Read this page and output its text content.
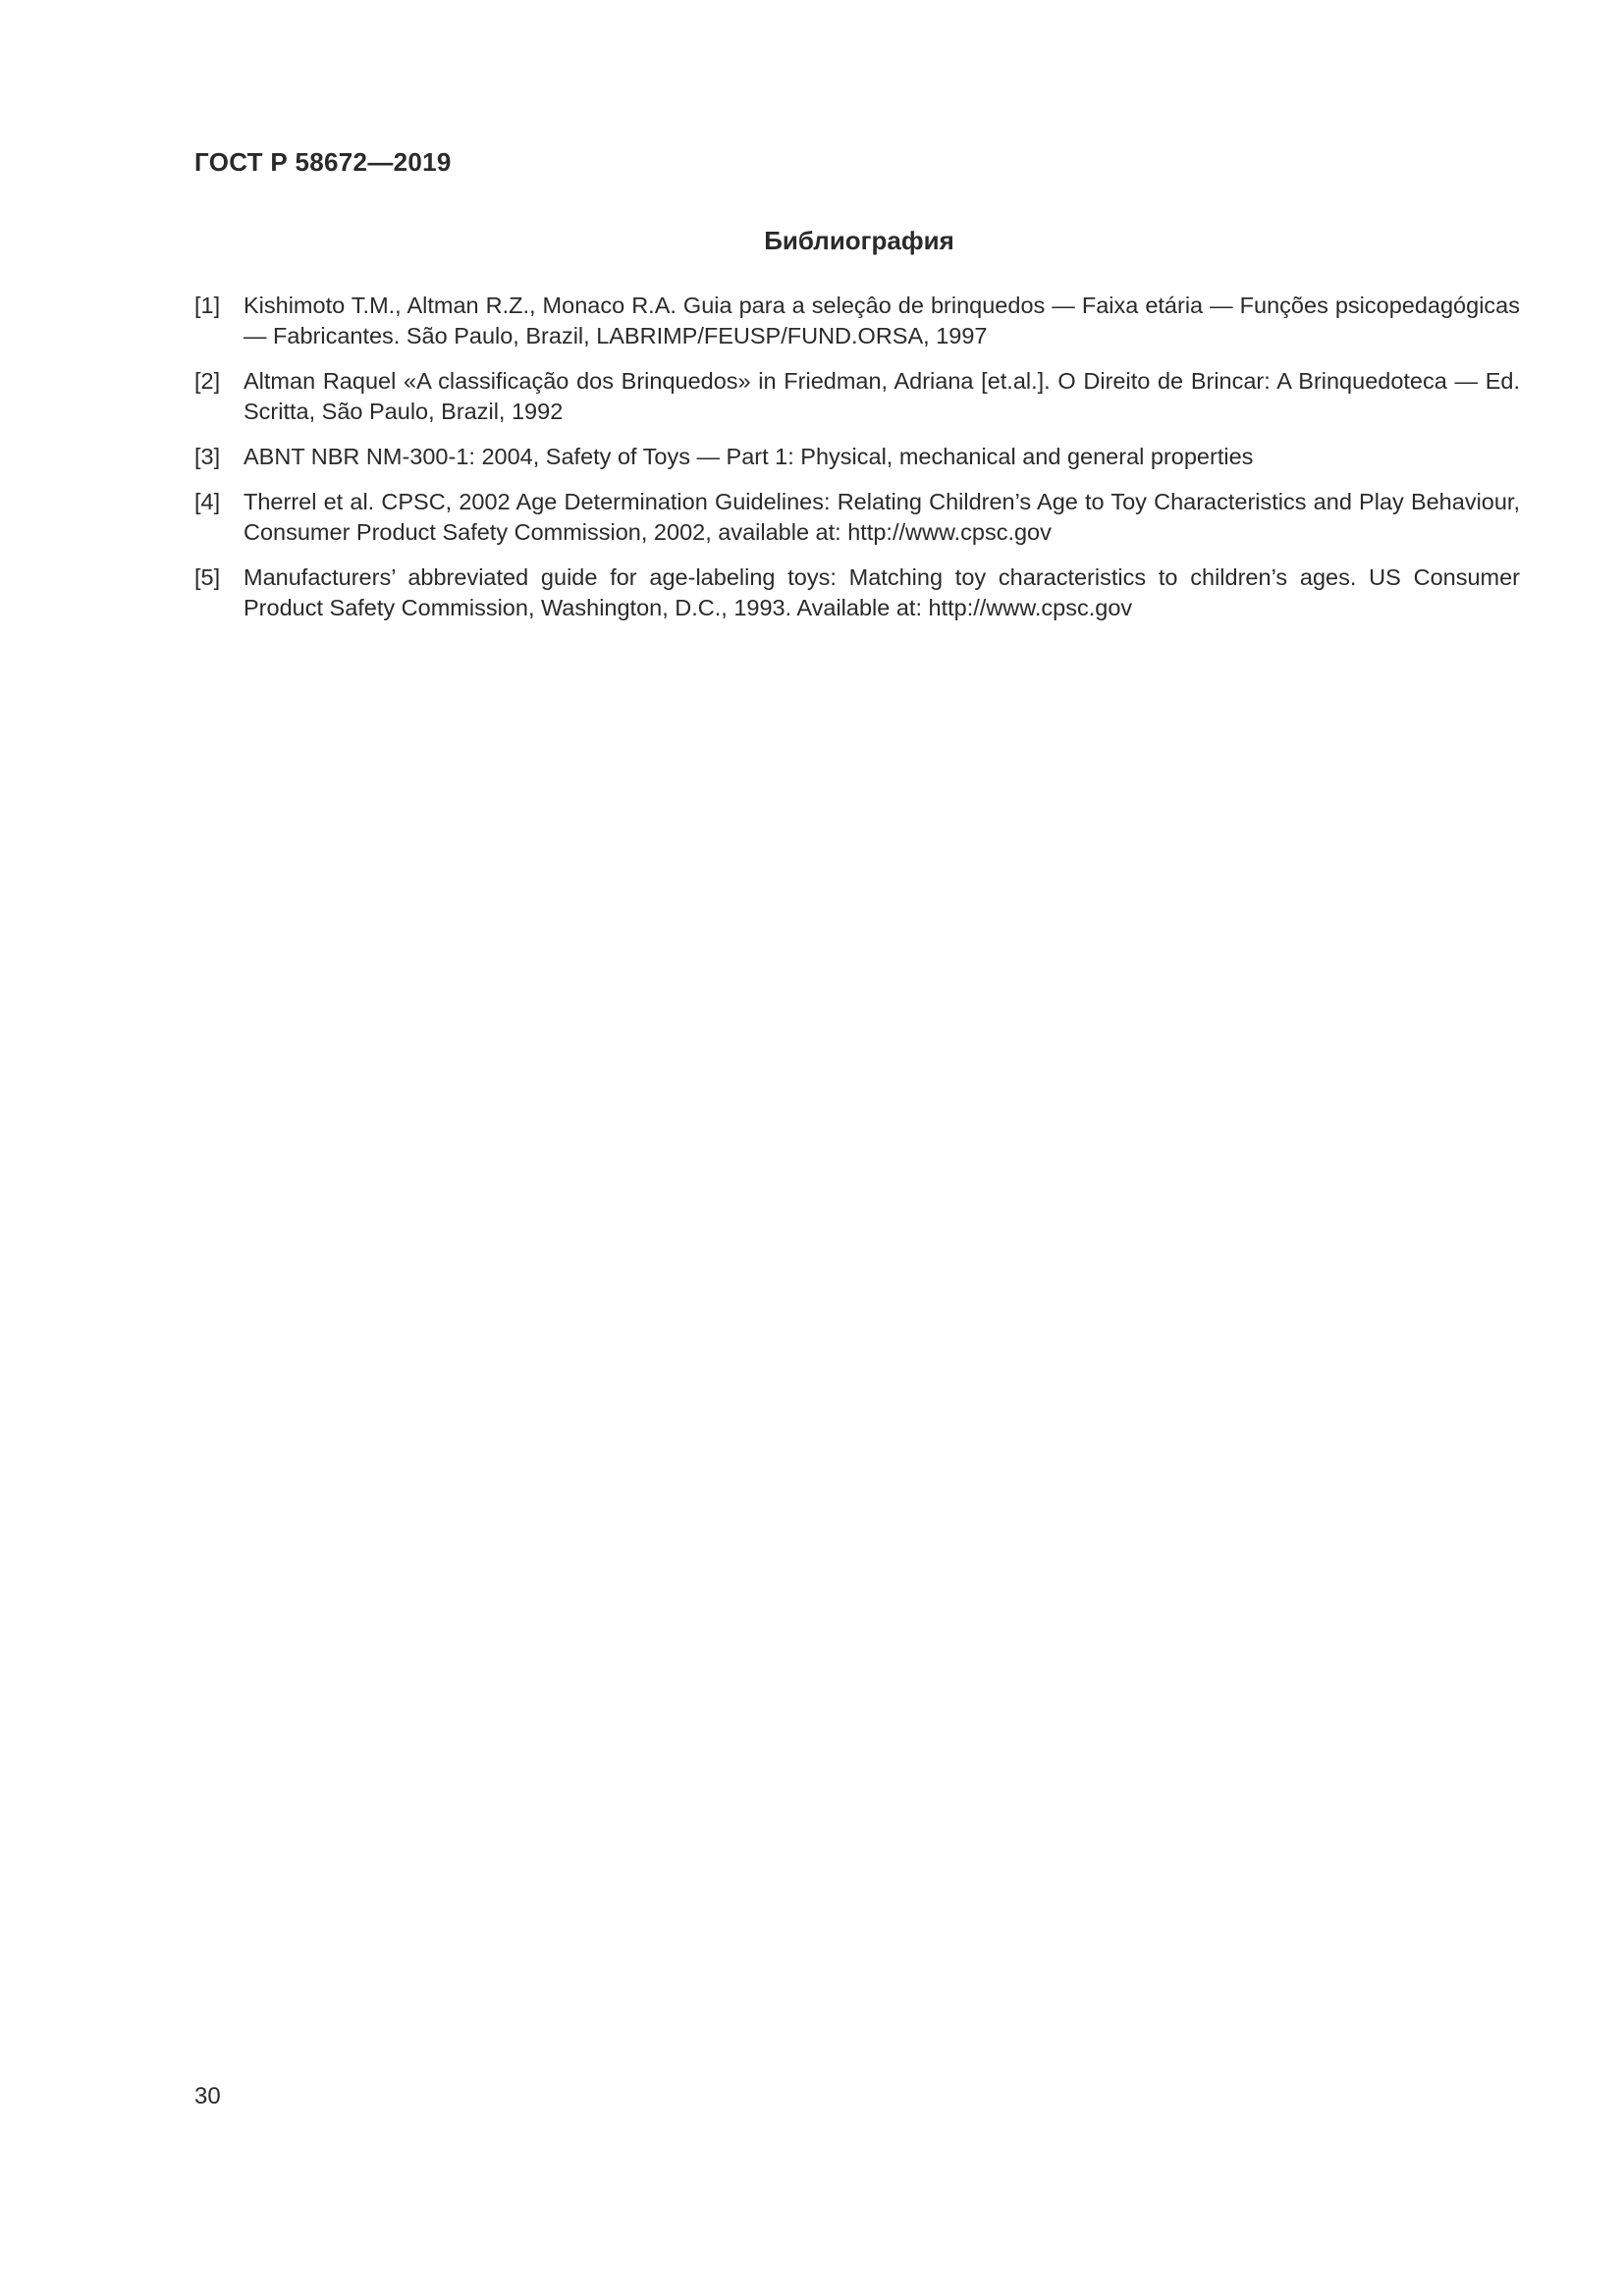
ГОСТ Р 58672—2019
Библиография
[1]	Kishimoto T.M., Altman R.Z., Monaco R.A. Guia para a seleçâo de brinquedos — Faixa etária — Funções psicopedagógicas — Fabricantes. São Paulo, Brazil, LABRIMP/FEUSP/FUND.ORSA, 1997
[2]	Altman Raquel «A classificação dos Brinquedos» in Friedman, Adriana [et.al.]. O Direito de Brincar: A Brinquedoteca — Ed. Scritta, São Paulo, Brazil, 1992
[3]	ABNT NBR NM-300-1: 2004, Safety of Toys — Part 1: Physical, mechanical and general properties
[4]	Therrel et al. CPSC, 2002 Age Determination Guidelines: Relating Children’s Age to Toy Characteristics and Play Behaviour, Consumer Product Safety Commission, 2002, available at: http://www.cpsc.gov
[5]	Manufacturers’ abbreviated guide for age-labeling toys: Matching toy characteristics to children’s ages. US Consumer Product Safety Commission, Washington, D.C., 1993. Available at: http://www.cpsc.gov
30
